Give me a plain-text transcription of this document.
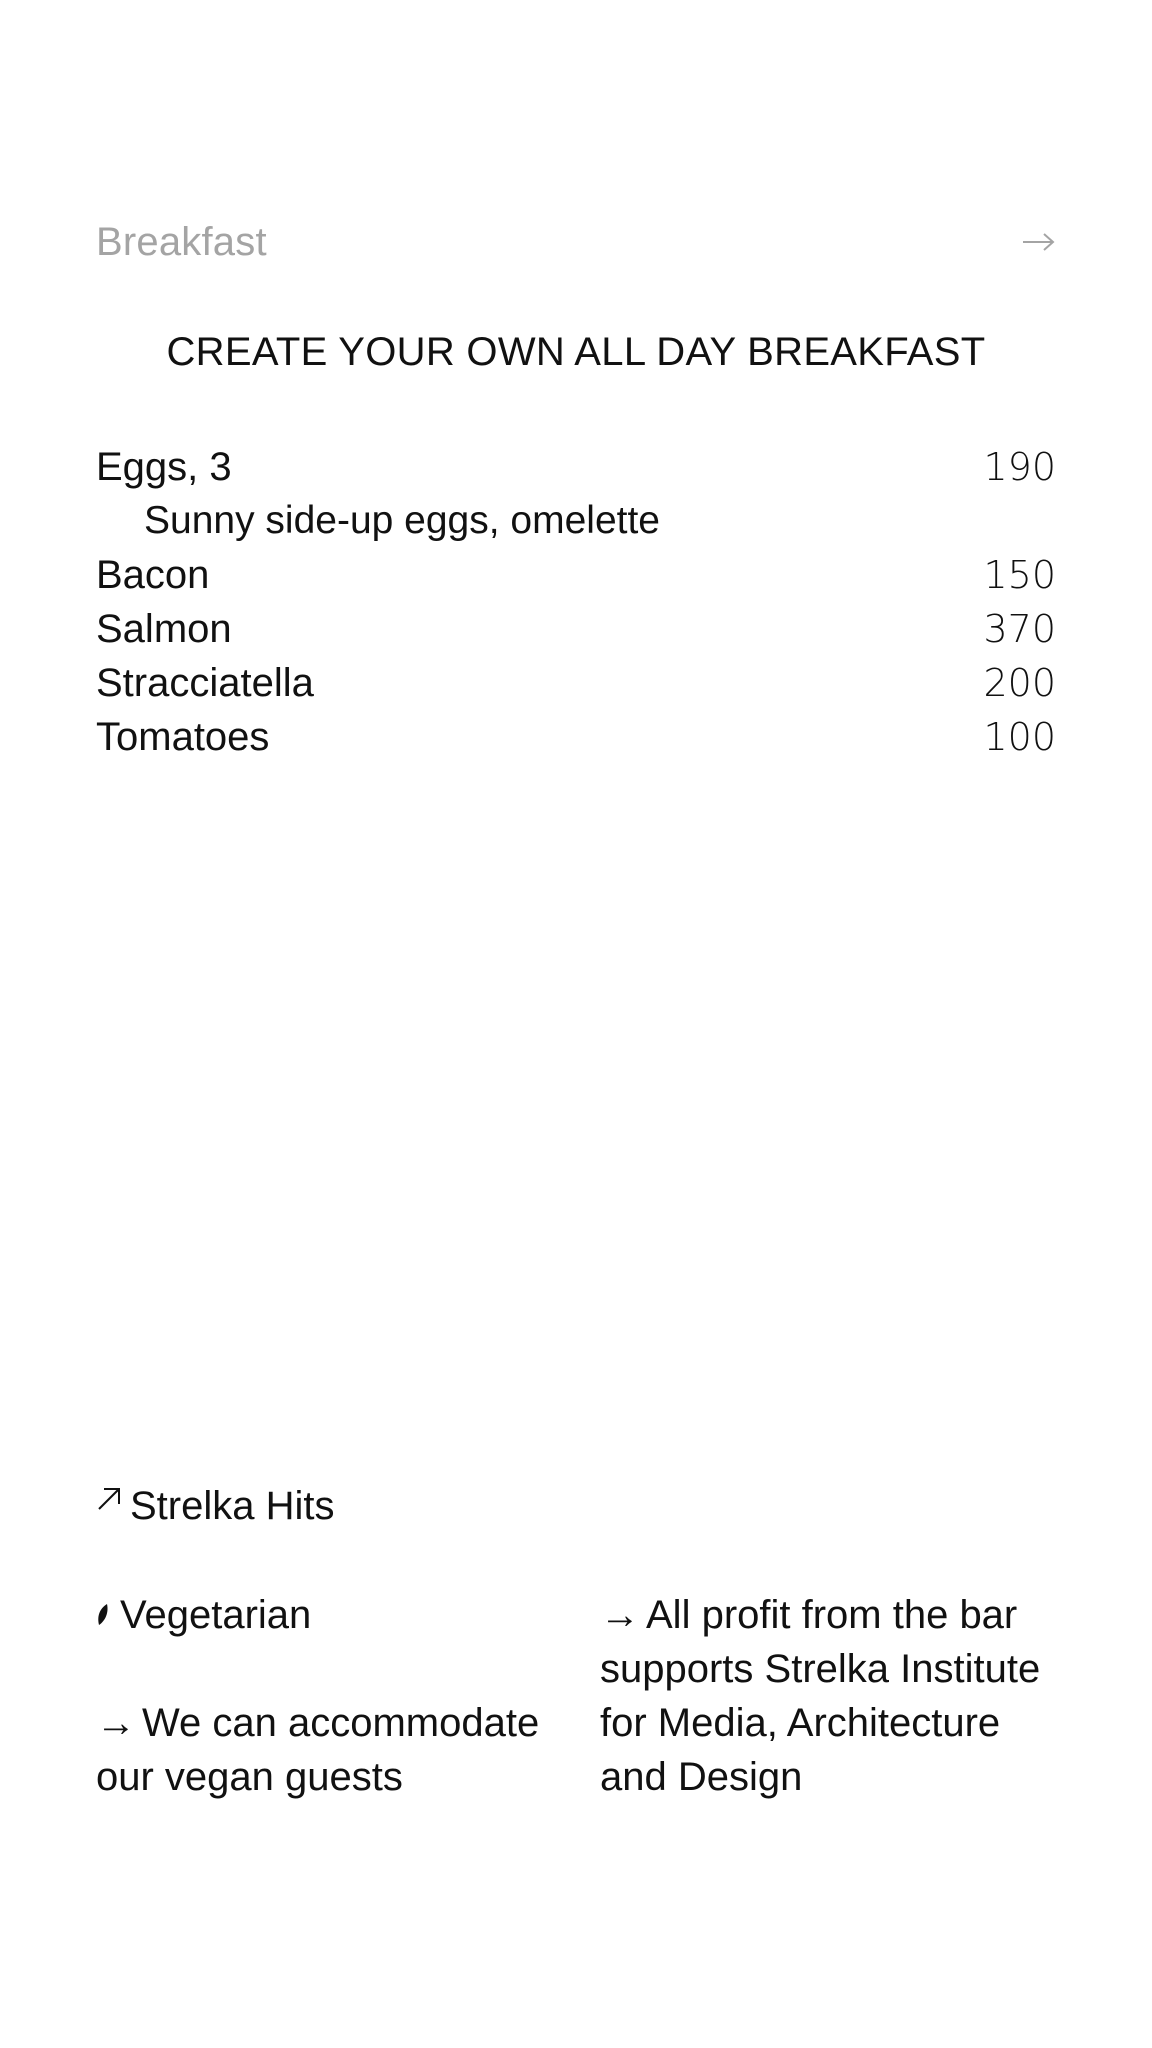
Breakfast
CREATE YOUR OWN ALL DAY BREAKFAST
Eggs, 3	190
Sunny side-up eggs, omelette
Bacon	150
Salmon	370
Stracciatella	200
Tomatoes	100
Strelka Hits
Vegetarian
→ We can accommodate our vegan guests
→ All profit from the bar supports Strelka Institute for Media, Architecture and Design
